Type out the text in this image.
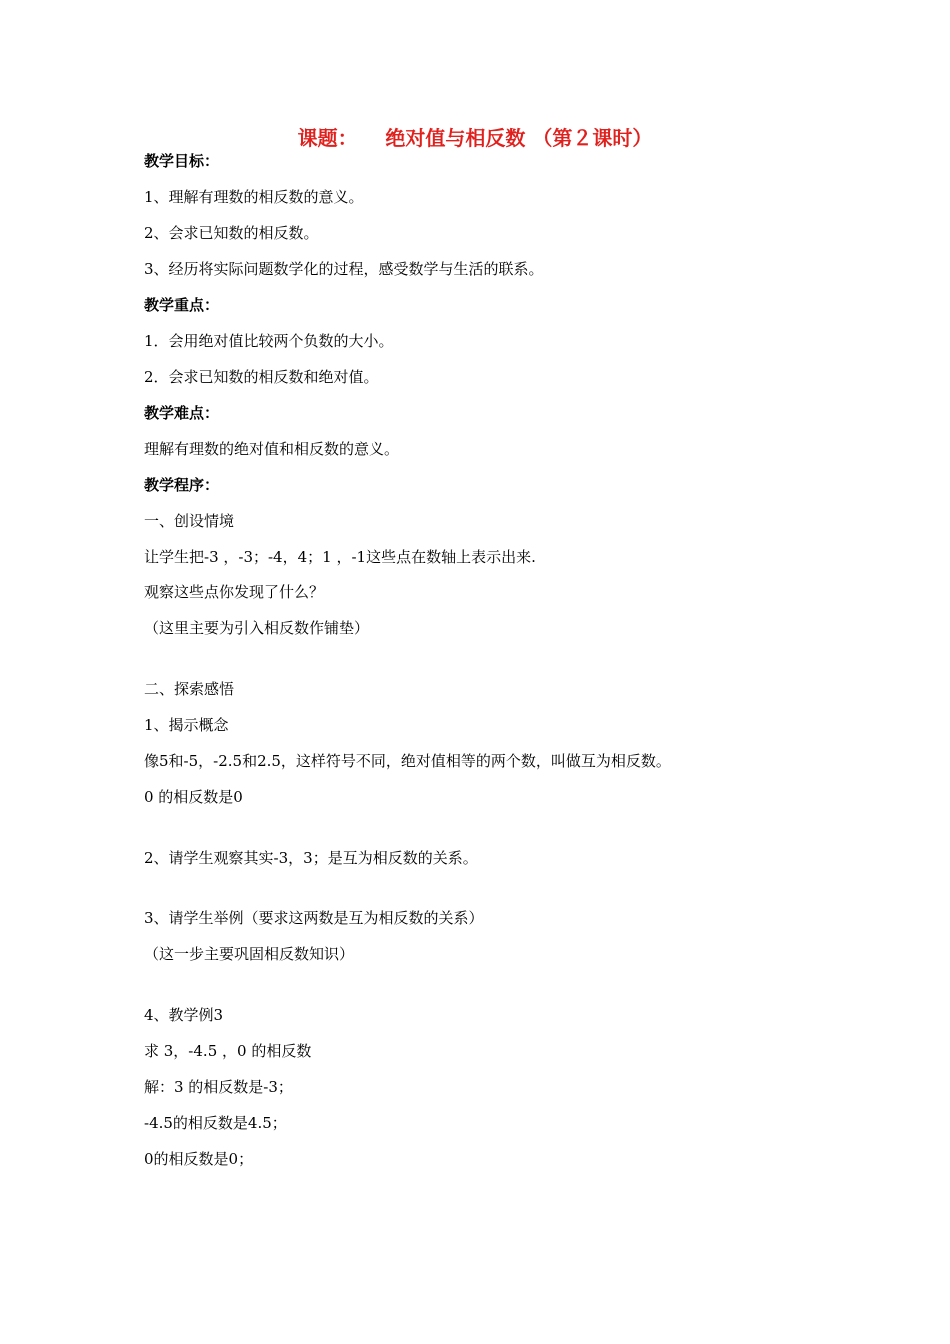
课题：    绝对值与相反数 （第２课时）
教学目标：
1、理解有理数的相反数的意义。
2、会求已知数的相反数。
3、经历将实际问题数学化的过程，感受数学与生活的联系。
教学重点：
1．会用绝对值比较两个负数的大小。
2．会求已知数的相反数和绝对值。
教学难点：
理解有理数的绝对值和相反数的意义。
教学程序：
一、创设情境
让学生把-3 ，-3；-4，4；1 ，-1这些点在数轴上表示出来.
观察这些点你发现了什么？
（这里主要为引入相反数作铺垫）
二、探索感悟
1、揭示概念
像5和-5，-2.5和2.5，这样符号不同，绝对值相等的两个数，叫做互为相反数。
0 的相反数是0
2、请学生观察其实-3，3；是互为相反数的关系。
3、请学生举例（要求这两数是互为相反数的关系）
（这一步主要巩固相反数知识）
4、教学例3
求 3，-4.5 ，0 的相反数
解：3 的相反数是-3；
-4.5的相反数是4.5；
0的相反数是0；
